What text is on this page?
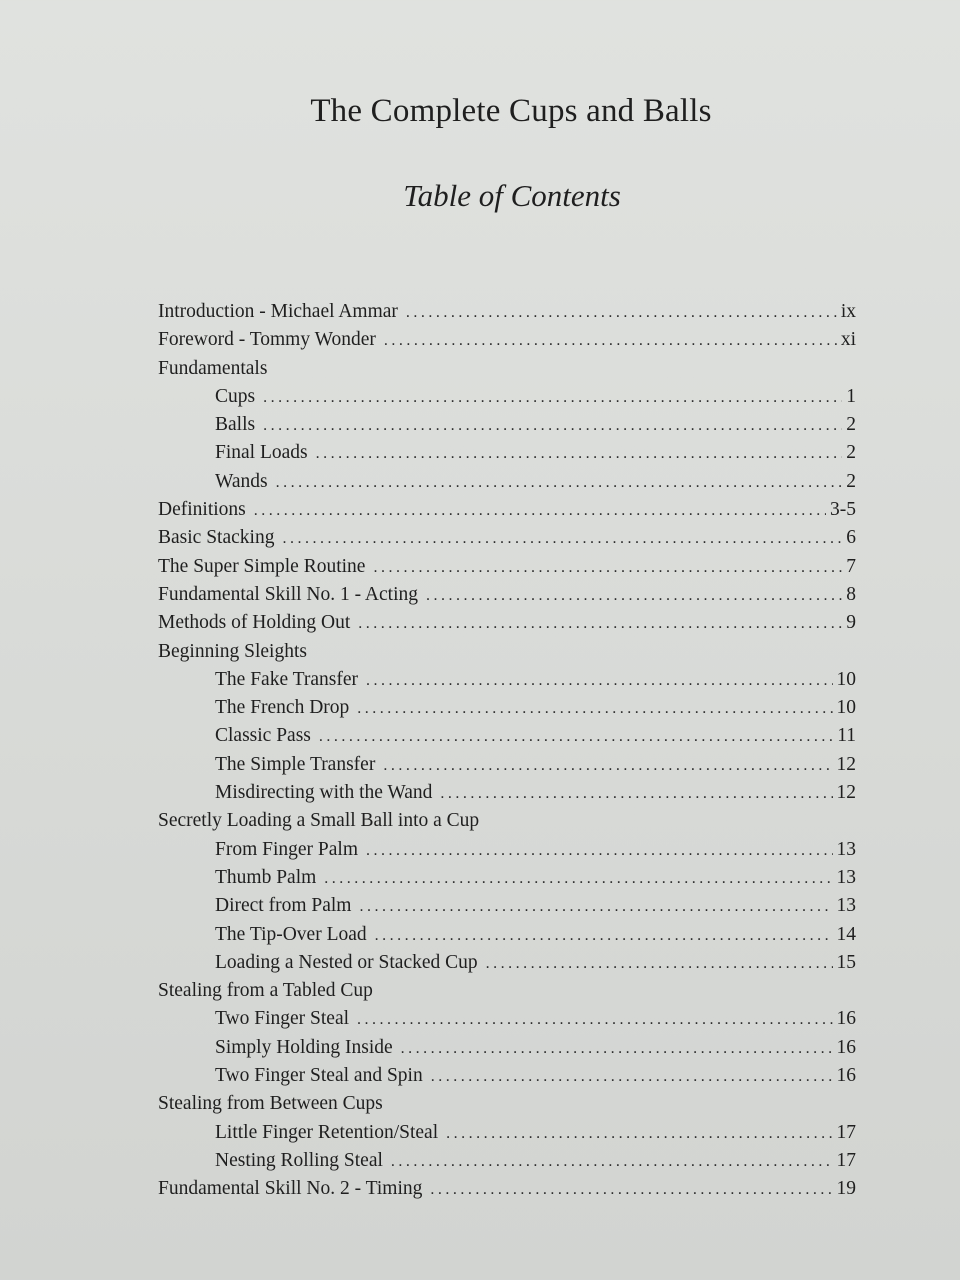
The Complete Cups and Balls
Table of Contents
Introduction - Michael Ammar . . .	ix
Foreword - Tommy Wonder . . .	xi
Fundamentals
Cups . . .	1
Balls . . .	2
Final Loads . . .	2
Wands . . .	2
Definitions . . .	3-5
Basic Stacking . . .	6
The Super Simple Routine . . .	7
Fundamental Skill No. 1 - Acting . . .	8
Methods of Holding Out . . .	9
Beginning Sleights
The Fake Transfer . . .	10
The French Drop . . .	10
Classic Pass . . .	11
The Simple Transfer . . .	12
Misdirecting with the Wand . . .	12
Secretly Loading a Small Ball into a Cup
From Finger Palm . . .	13
Thumb Palm . . .	13
Direct from Palm . . .	13
The Tip-Over Load . . .	14
Loading a Nested or Stacked Cup . . .	15
Stealing from a Tabled Cup
Two Finger Steal . . .	16
Simply Holding Inside . . .	16
Two Finger Steal and Spin . . .	16
Stealing from Between Cups
Little Finger Retention/Steal . . .	17
Nesting Rolling Steal . . .	17
Fundamental Skill No. 2 - Timing . . .	19
